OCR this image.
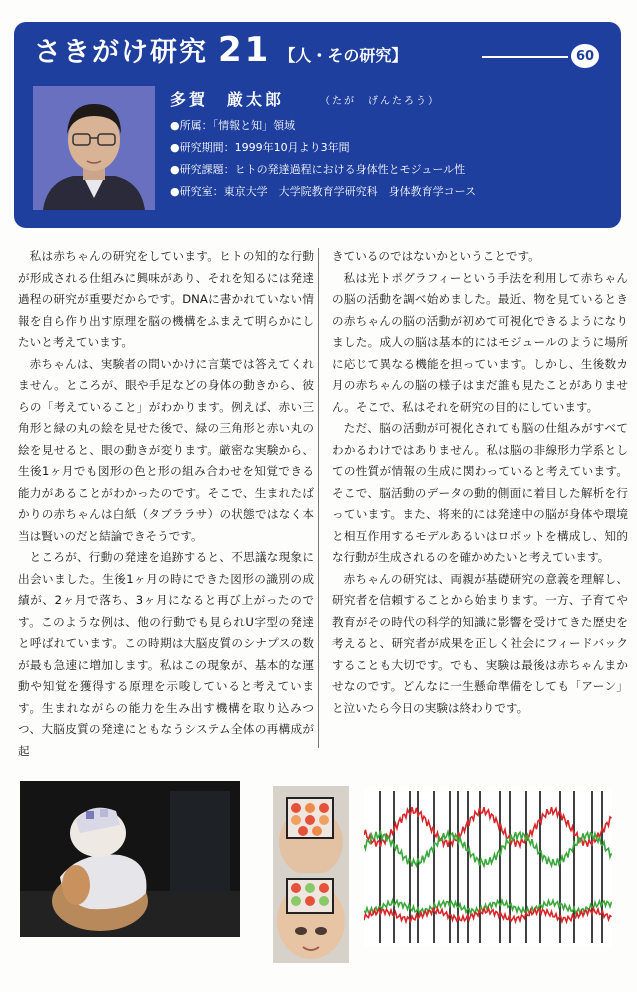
さきがけ研究 21 【人・その研究】	60
多賀　厳太郎	（たが　げんたろう）
●所属：「情報と知」領域
●研究期間：1999年10月より3年間
●研究課題：ヒトの発達過程における身体性とモジュール性
●研究室：東京大学　大学院教育学研究科　身体教育学コース

私は赤ちゃんの研究をしています。ヒトの知的な行動が形成される仕組みに興味があり、それを知るには発達過程の研究が重要だからです。DNAに書かれていない情報を自ら作り出す原理を脳の機構をふまえて明らかにしたいと考えています。

赤ちゃんは、実験者の問いかけに言葉では答えてくれません。ところが、眼や手足などの身体の動きから、彼らの「考えていること」がわかります。例えば、赤い三角形と緑の丸の絵を見せた後で、緑の三角形と赤い丸の絵を見せると、眼の動きが変ります。厳密な実験から、生後1ヶ月でも図形の色と形の組み合わせを知覚できる能力があることがわかったのです。そこで、生まれたばかりの赤ちゃんは白紙（タブララサ）の状態ではなく本当は賢いのだと結論できそうです。

ところが、行動の発達を追跡すると、不思議な現象に出会いました。生後1ヶ月の時にできた図形の識別の成績が、2ヶ月で落ち、3ヶ月になると再び上がったのです。このような例は、他の行動でも見られU字型の発達と呼ばれています。この時期は大脳皮質のシナプスの数が最も急速に増加します。私はこの現象が、基本的な運動や知覚を獲得する原理を示唆していると考えています。生まれながらの能力を生み出す機構を取り込みつつ、大脳皮質の発達にともなうシステム全体の再構成が起

きているのではないかということです。

私は光トポグラフィーという手法を利用して赤ちゃんの脳の活動を調べ始めました。最近、物を見ているときの赤ちゃんの脳の活動が初めて可視化できるようになりました。成人の脳は基本的にはモジュールのように場所に応じて異なる機能を担っています。しかし、生後数カ月の赤ちゃんの脳の様子はまだ誰も見たことがありません。そこで、私はそれを研究の目的にしています。

ただ、脳の活動が可視化されても脳の仕組みがすべてわかるわけではありません。私は脳の非線形力学系としての性質が情報の生成に関わっていると考えています。そこで、脳活動のデータの動的側面に着目した解析を行っています。また、将来的には発達中の脳が身体や環境と相互作用するモデルあるいはロボットを構成し、知的な行動が生成されるのを確かめたいと考えています。

赤ちゃんの研究は、両親が基礎研究の意義を理解し、研究者を信頼することから始まります。一方、子育てや教育がその時代の科学的知識に影響を受けてきた歴史を考えると、研究者が成果を正しく社会にフィードバックすることも大切です。でも、実験は最後は赤ちゃんまかせなのです。どんなに一生懸命準備をしても「アーン」と泣いたら今日の実験は終わりです。
